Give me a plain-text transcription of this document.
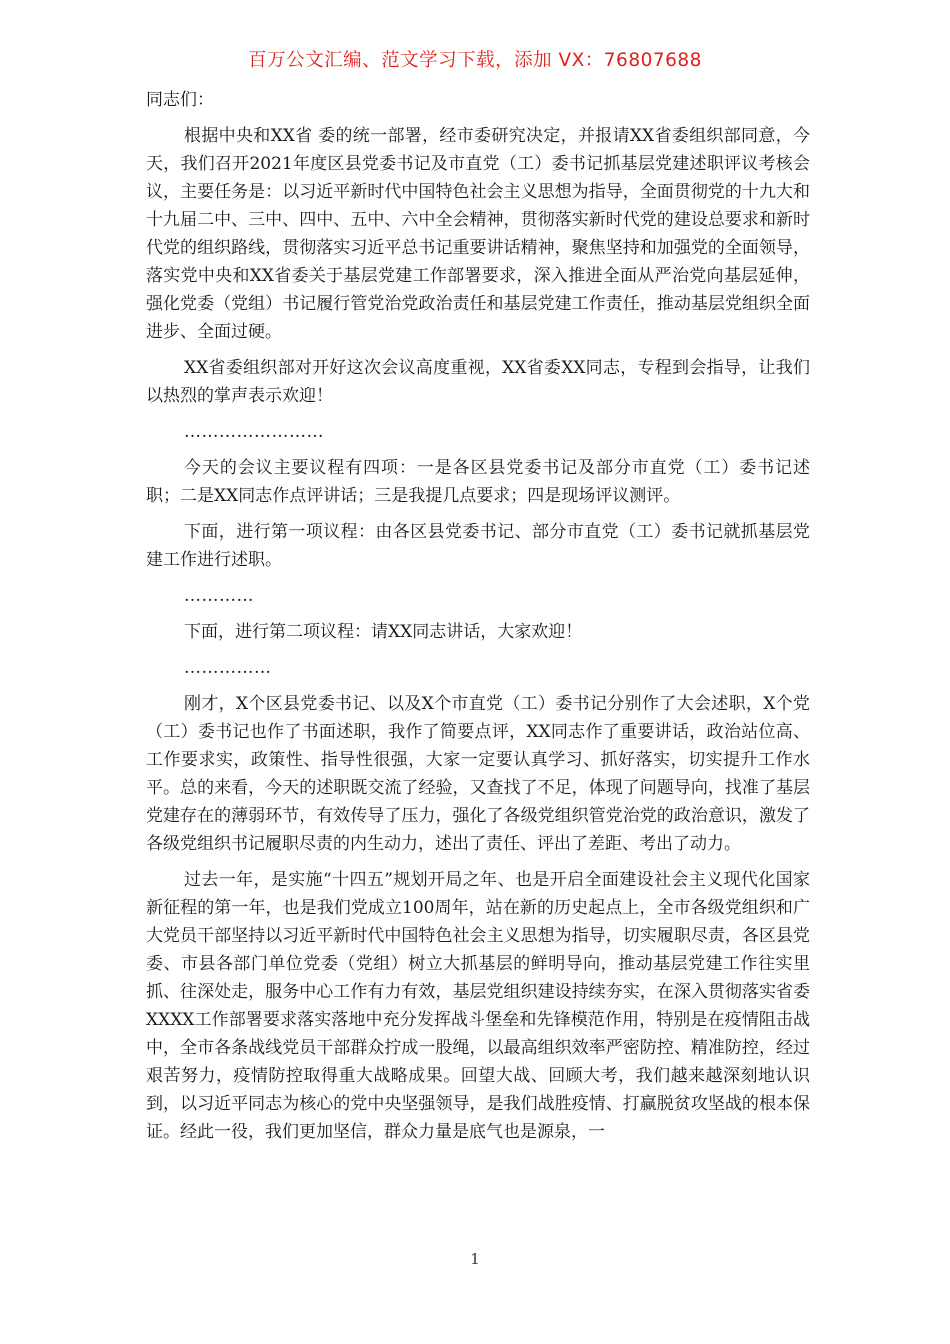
百万公文汇编、范文学习下载，添加 VX：76807688

同志们：

根据中央和XX省 委的统一部署，经市委研究决定，并报请XX省委组织部同意，今天，我们召开2021年度区县党委书记及市直党（工）委书记抓基层党建述职评议考核会议，主要任务是：以习近平新时代中国特色社会主义思想为指导，全面贯彻党的十九大和十九届二中、三中、四中、五中、六中全会精神，贯彻落实新时代党的建设总要求和新时代党的组织路线，贯彻落实习近平总书记重要讲话精神，聚焦坚持和加强党的全面领导，落实党中央和XX省委关于基层党建工作部署要求，深入推进全面从严治党向基层延伸，强化党委（党组）书记履行管党治党政治责任和基层党建工作责任，推动基层党组织全面进步、全面过硬。

XX省委组织部对开好这次会议高度重视，XX省委XX同志，专程到会指导，让我们以热烈的掌声表示欢迎！

……………………

今天的会议主要议程有四项：一是各区县党委书记及部分市直党（工）委书记述职；二是XX同志作点评讲话；三是我提几点要求；四是现场评议测评。

下面，进行第一项议程：由各区县党委书记、部分市直党（工）委书记就抓基层党建工作进行述职。

…………

下面，进行第二项议程：请XX同志讲话，大家欢迎！

……………

刚才，X个区县党委书记、以及X个市直党（工）委书记分别作了大会述职，X个党（工）委书记也作了书面述职，我作了简要点评，XX同志作了重要讲话，政治站位高、工作要求实，政策性、指导性很强，大家一定要认真学习、抓好落实，切实提升工作水平。总的来看，今天的述职既交流了经验，又查找了不足，体现了问题导向，找准了基层党建存在的薄弱环节，有效传导了压力，强化了各级党组织管党治党的政治意识，激发了各级党组织书记履职尽责的内生动力，述出了责任、评出了差距、考出了动力。

过去一年，是实施“十四五”规划开局之年、也是开启全面建设社会主义现代化国家新征程的第一年，也是我们党成立100周年，站在新的历史起点上，全市各级党组织和广大党员干部坚持以习近平新时代中国特色社会主义思想为指导，切实履职尽责，各区县党委、市县各部门单位党委（党组）树立大抓基层的鲜明导向，推动基层党建工作往实里抓、往深处走，服务中心工作有力有效，基层党组织建设持续夯实，在深入贯彻落实省委XXXX工作部署要求落实落地中充分发挥战斗堡垒和先锋模范作用，特别是在疫情阻击战中，全市各条战线党员干部群众拧成一股绳，以最高组织效率严密防控、精准防控，经过艰苦努力，疫情防控取得重大战略成果。回望大战、回顾大考，我们越来越深刻地认识到，以习近平同志为核心的党中央坚强领导，是我们战胜疫情、打赢脱贫攻坚战的根本保证。经此一役，我们更加坚信，群众力量是底气也是源泉，一

1
